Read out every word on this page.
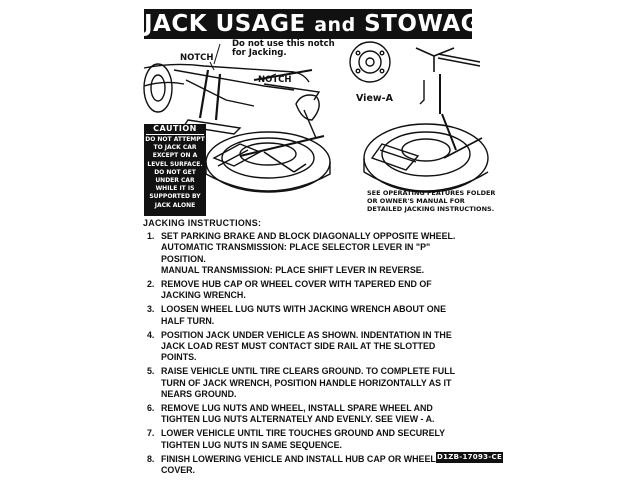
JACK USAGE and STOWAGE
Do not use this notch
for Jacking.
NOTCH
NOTCH
View-A
CAUTION
DO NOT ATTEMPT
TO JACK CAR
EXCEPT ON A
LEVEL SURFACE.
DO NOT GET
UNDER CAR
WHILE IT IS
SUPPORTED BY
JACK ALONE
SEE OPERATING FEATURES FOLDER
OR OWNER'S MANUAL FOR
DETAILED JACKING INSTRUCTIONS.
JACKING INSTRUCTIONS:
1. SET PARKING BRAKE AND BLOCK DIAGONALLY OPPOSITE WHEEL.
AUTOMATIC TRANSMISSION: PLACE SELECTOR LEVER IN "P"
POSITION.
MANUAL TRANSMISSION: PLACE SHIFT LEVER IN REVERSE.
2. REMOVE HUB CAP OR WHEEL COVER WITH TAPERED END OF
JACKING WRENCH.
3. LOOSEN WHEEL LUG NUTS WITH JACKING WRENCH ABOUT ONE
HALF TURN.
4. POSITION JACK UNDER VEHICLE AS SHOWN. INDENTATION IN THE
JACK LOAD REST MUST CONTACT SIDE RAIL AT THE SLOTTED
POINTS.
5. RAISE VEHICLE UNTIL TIRE CLEARS GROUND. TO COMPLETE FULL
TURN OF JACK WRENCH, POSITION HANDLE HORIZONTALLY AS IT
NEARS GROUND.
6. REMOVE LUG NUTS AND WHEEL, INSTALL SPARE WHEEL AND
TIGHTEN LUG NUTS ALTERNATELY AND EVENLY. SEE VIEW - A.
7. LOWER VEHICLE UNTIL TIRE TOUCHES GROUND AND SECURELY
TIGHTEN LUG NUTS IN SAME SEQUENCE.
8. FINISH LOWERING VEHICLE AND INSTALL HUB CAP OR WHEEL
COVER.
D1ZB-17093-CE
